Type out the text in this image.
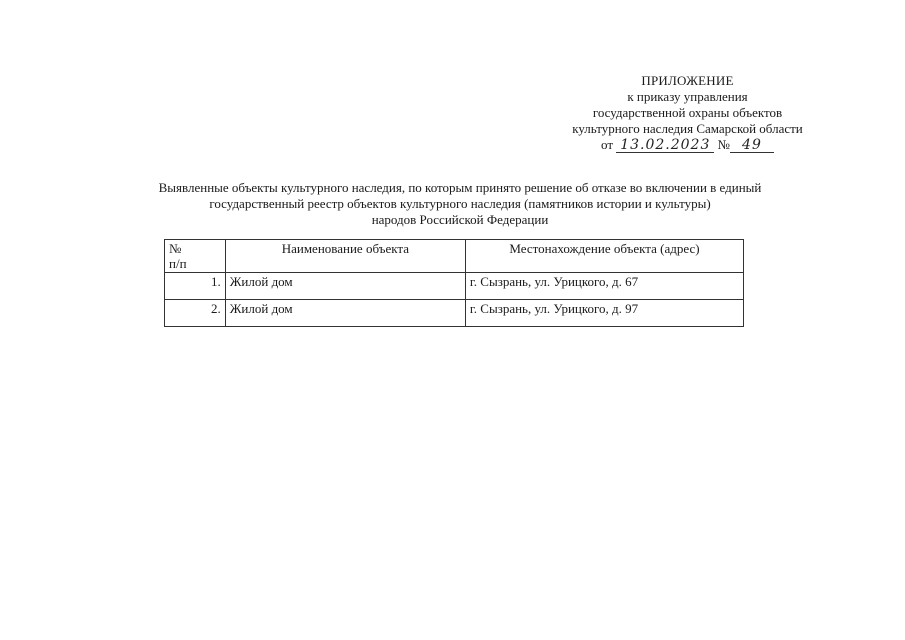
ПРИЛОЖЕНИЕ
к приказу управления
государственной охраны объектов
культурного наследия Самарской области
от 13.02.2023 № 49
Выявленные объекты культурного наследия, по которым принято решение об отказе во включении в единый
государственный реестр объектов культурного наследия (памятников истории и культуры)
народов Российской Федерации
№
п/п	Наименование объекта	Местонахождение объекта (адрес)
1.	Жилой дом	г. Сызрань, ул. Урицкого, д. 67
2.	Жилой дом	г. Сызрань, ул. Урицкого, д. 97
